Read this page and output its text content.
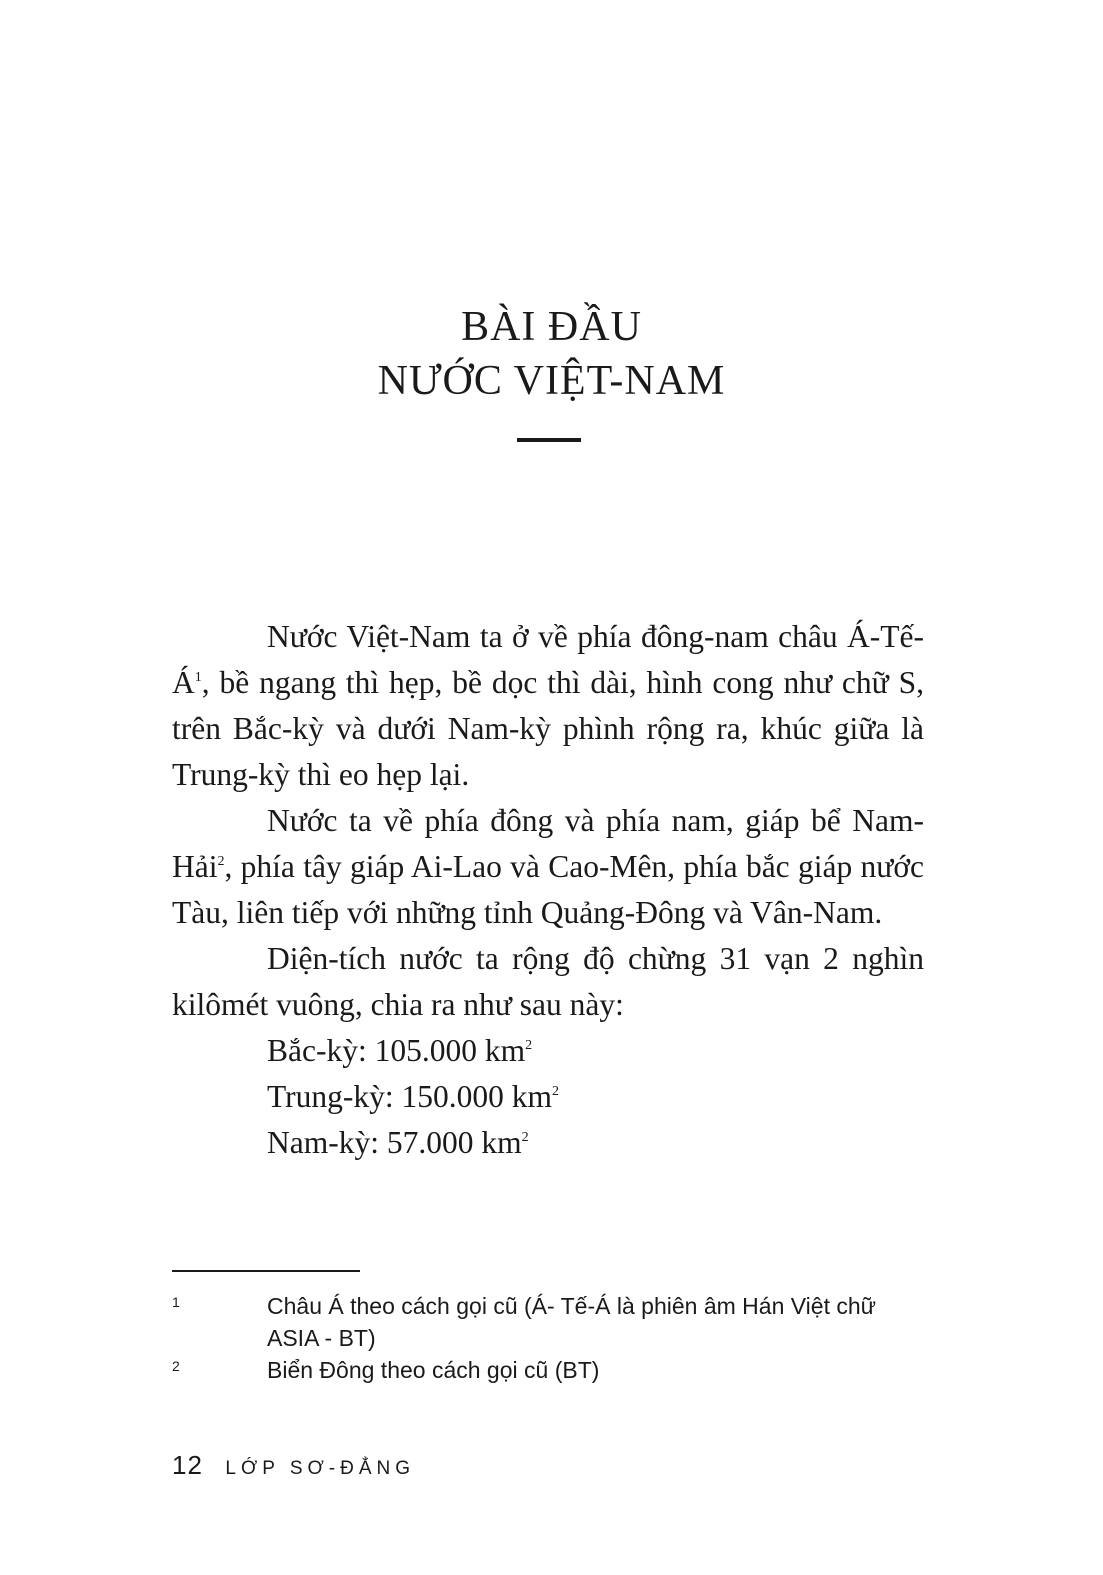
BÀI ĐẦU
NƯỚC VIỆT-NAM

Nước Việt-Nam ta ở về phía đông-nam châu $Á-Tế-Á^1$, bề ngang thì hẹp, bề dọc thì dài, hình cong như chữ S, trên Bắc-kỳ và dưới Nam-kỳ phình rộng ra, khúc giữa là Trung-kỳ thì eo hẹp lại.

Nước ta về phía đông và phía nam, giáp bể Nam-Hải$^2$, phía tây giáp Ai-Lao và Cao-Mên, phía bắc giáp nước Tàu, liên tiếp với những tỉnh Quảng-Đông và Vân-Nam.

Diện-tích nước ta rộng độ chừng 31 vạn 2 nghìn kilômét vuông, chia ra như sau này:

Bắc-kỳ: 105.000 $km^2$

Trung-kỳ: 150.000 $km^2$

Nam-kỳ: 57.000 $km^2$

1	Châu Á theo cách gọi cũ (Á- Tế-Á là phiên âm Hán Việt chữ ASIA - BT)
2	Biển Đông theo cách gọi cũ (BT)
12 LỚP SƠ-ĐẲNG
